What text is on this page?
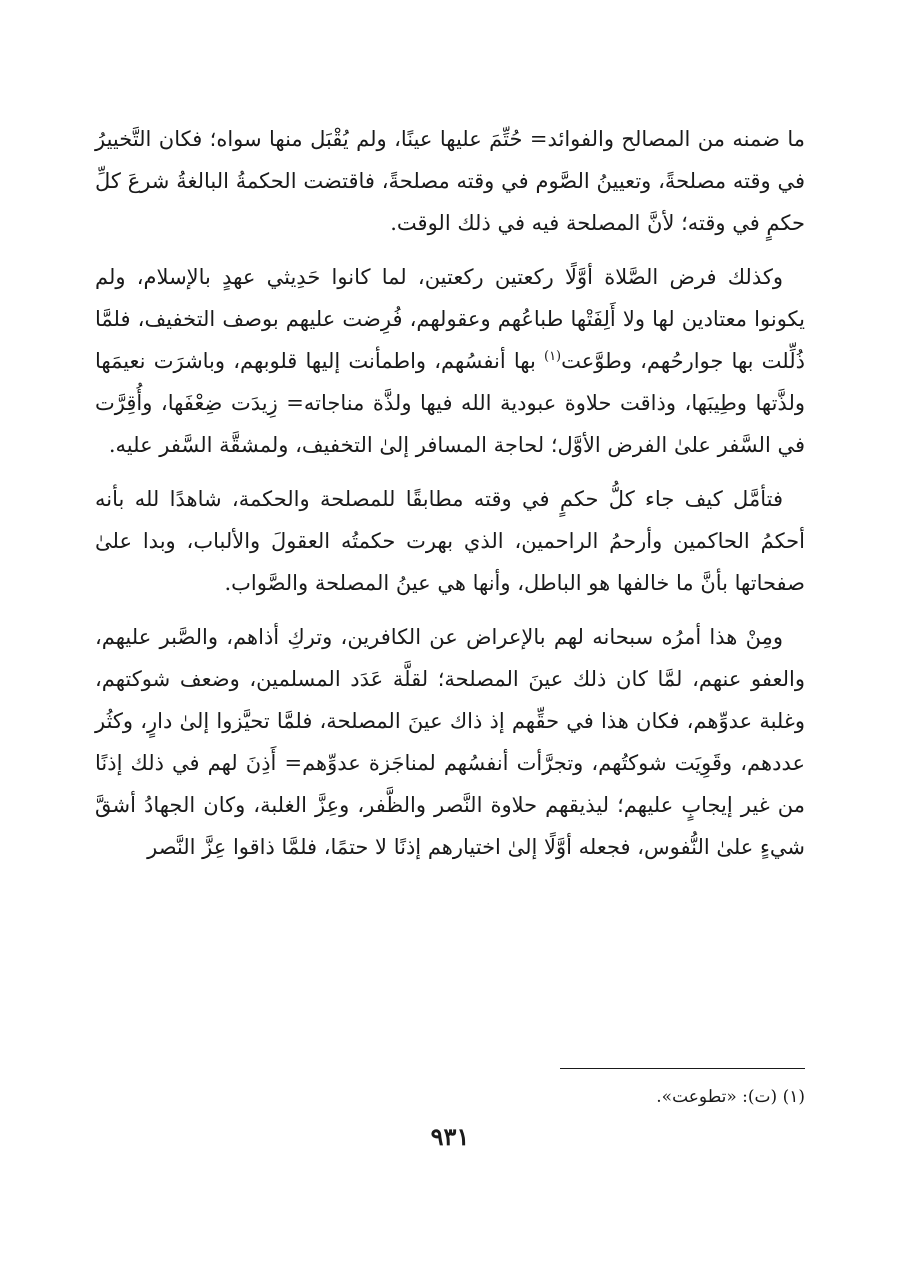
ما ضمنه من المصالح والفوائد= حُتِّمَ عليها عينًا، ولم يُقْبَل منها سواه؛ فكان التَّخييرُ في وقته مصلحةً، وتعيينُ الصَّوم في وقته مصلحةً، فاقتضت الحكمةُ البالغةُ شرعَ كلِّ حكمٍ في وقته؛ لأنَّ المصلحة فيه في ذلك الوقت.

وكذلك فرض الصَّلاة أوَّلًا ركعتين ركعتين، لما كانوا حَدِيثي عهدٍ بالإسلام، ولم يكونوا معتادين لها ولا أَلِفَتْها طباعُهم وعقولهم، فُرِضت عليهم بوصف التخفيف، فلمَّا ذُلِّلت بها جوارحُهم، وطوَّعت$^{(١)}$ بها أنفسُهم، واطمأنت إليها قلوبهم، وباشرَت نعيمَها ولذَّتها وطِيبَها، وذاقت حلاوة عبودية الله فيها ولذَّة مناجاته= زِيدَت ضِعْفَها، وأُقِرَّت في السَّفر علىٰ الفرض الأوَّل؛ لحاجة المسافر إلىٰ التخفيف، ولمشقَّة السَّفر عليه.

فتأمَّل كيف جاء كلُّ حكمٍ في وقته مطابقًا للمصلحة والحكمة، شاهدًا لله بأنه أحكمُ الحاكمين وأرحمُ الراحمين، الذي بهرت حكمتُه العقولَ والألباب، وبدا علىٰ صفحاتها بأنَّ ما خالفها هو الباطل، وأنها هي عينُ المصلحة والصَّواب.

ومِنْ هذا أمرُه سبحانه لهم بالإعراض عن الكافرين، وتركِ أذاهم، والصَّبر عليهم، والعفو عنهم، لمَّا كان ذلك عينَ المصلحة؛ لقلَّة عَدَد المسلمين، وضعف شوكتهم، وغلبة عدوِّهم، فكان هذا في حقِّهم إذ ذاك عينَ المصلحة، فلمَّا تحيَّزوا إلىٰ دارٍ، وكثُر عددهم، وقَوِيَت شوكتُهم، وتجرَّأت أنفسُهم لمناجَزة عدوِّهم= أَذِنَ لهم في ذلك إذنًا من غير إيجابٍ عليهم؛ ليذيقهم حلاوة النَّصر والظَّفر، وعِزَّ الغلبة، وكان الجهادُ أشقَّ شيءٍ علىٰ النُّفوس، فجعله أوَّلًا إلىٰ اختيارهم إذنًا لا حتمًا، فلمَّا ذاقوا عِزَّ النَّصر

(١) (ت): «تطوعت».
٩٣١
